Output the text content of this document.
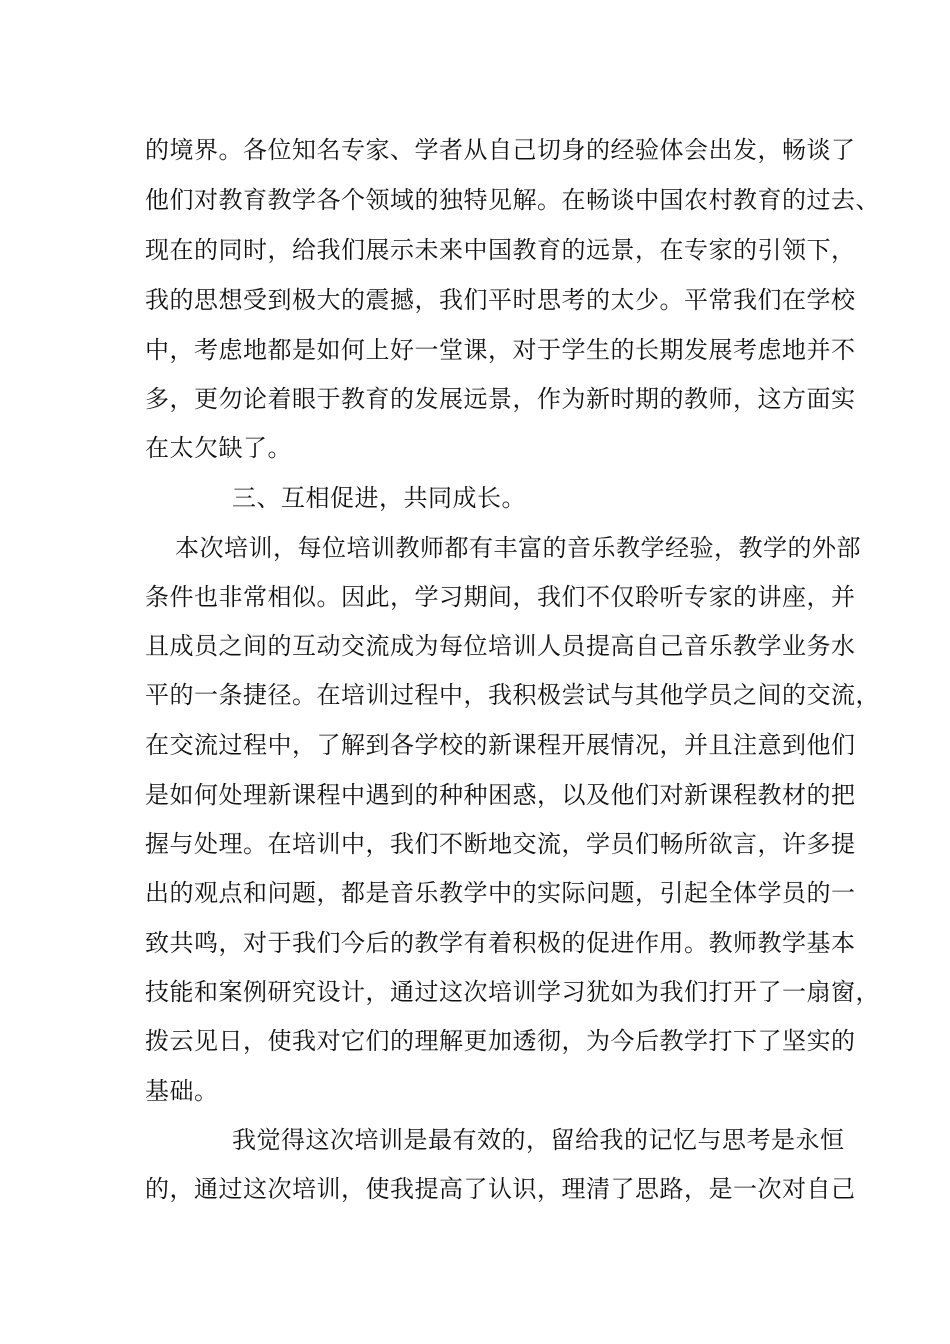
的境界。各位知名专家、学者从自己切身的经验体会出发，畅谈了
他们对教育教学各个领域的独特见解。在畅谈中国农村教育的过去、
现在的同时，给我们展示未来中国教育的远景，在专家的引领下，
我的思想受到极大的震撼，我们平时思考的太少。平常我们在学校
中，考虑地都是如何上好一堂课，对于学生的长期发展考虑地并不
多，更勿论着眼于教育的发展远景，作为新时期的教师，这方面实
在太欠缺了。
三、互相促进，共同成长。
本次培训，每位培训教师都有丰富的音乐教学经验，教学的外部
条件也非常相似。因此，学习期间，我们不仅聆听专家的讲座，并
且成员之间的互动交流成为每位培训人员提高自己音乐教学业务水
平的一条捷径。在培训过程中，我积极尝试与其他学员之间的交流，
在交流过程中，了解到各学校的新课程开展情况，并且注意到他们
是如何处理新课程中遇到的种种困惑，以及他们对新课程教材的把
握与处理。在培训中，我们不断地交流，学员们畅所欲言，许多提
出的观点和问题，都是音乐教学中的实际问题，引起全体学员的一
致共鸣，对于我们今后的教学有着积极的促进作用。教师教学基本
技能和案例研究设计，通过这次培训学习犹如为我们打开了一扇窗，
拨云见日，使我对它们的理解更加透彻，为今后教学打下了坚实的
基础。
我觉得这次培训是最有效的，留给我的记忆与思考是永恒
的，通过这次培训，使我提高了认识，理清了思路，是一次对自己
